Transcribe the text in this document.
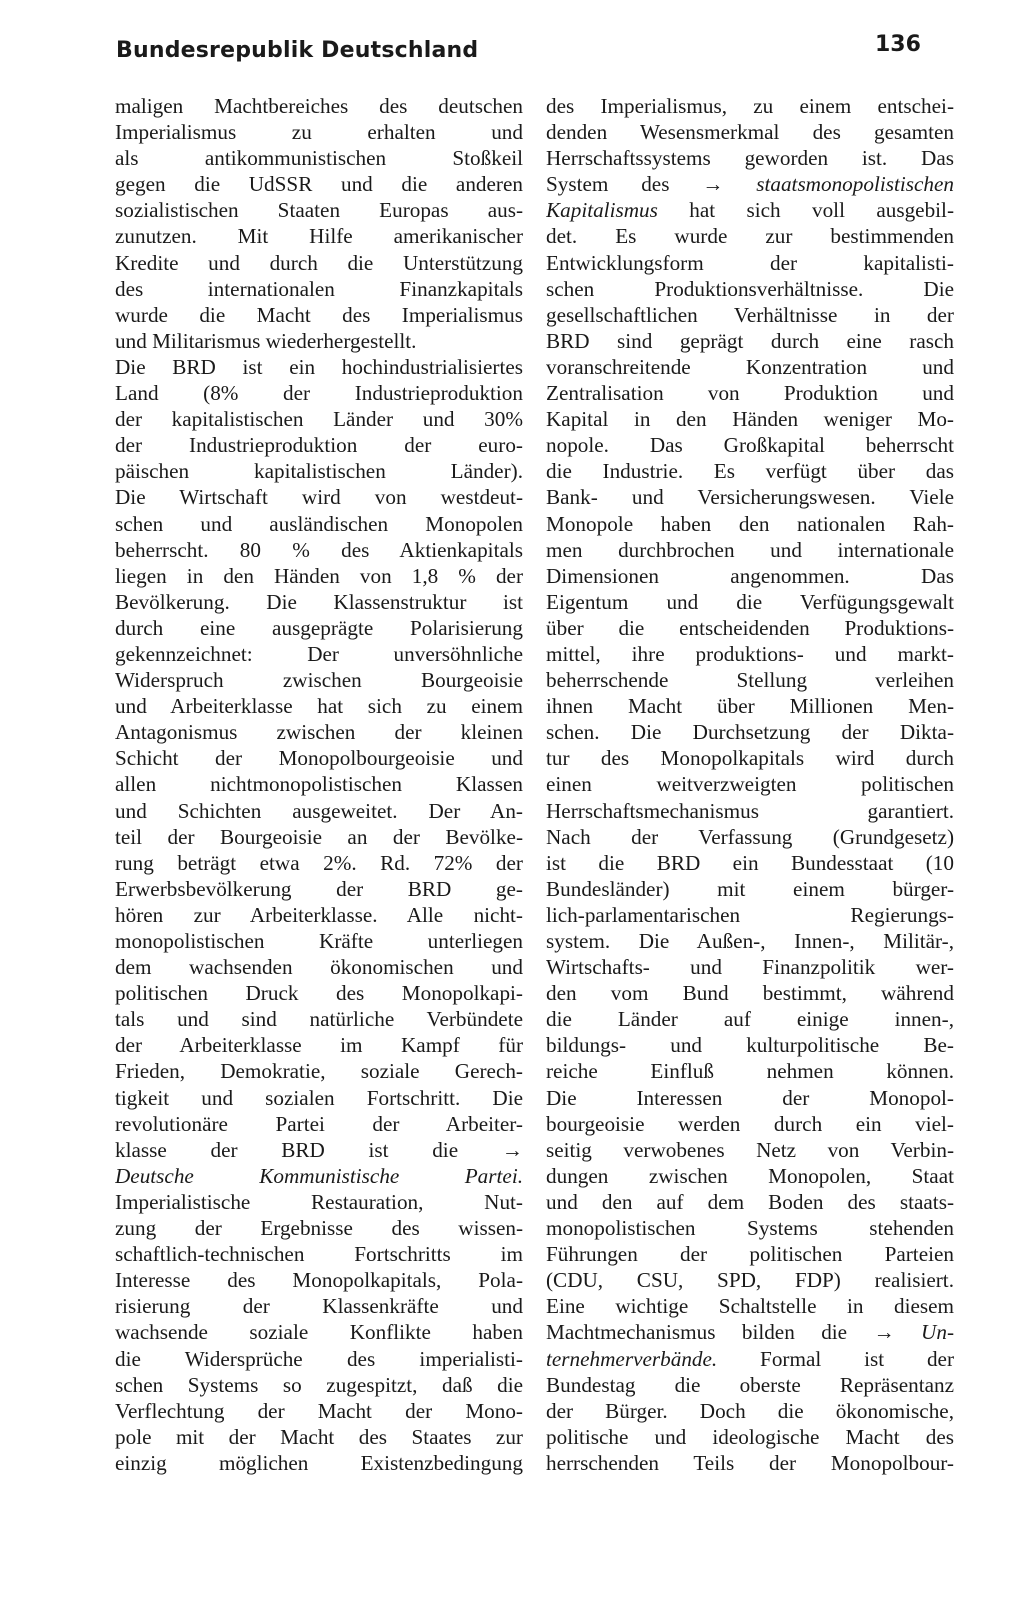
Bundesrepublik Deutschland	136
maligen Machtbereiches des deutschen
Imperialismus zu erhalten und
als antikommunistischen Stoßkeil
gegen die UdSSR und die anderen
sozialistischen Staaten Europas aus-
zunutzen. Mit Hilfe amerikanischer
Kredite und durch die Unterstützung
des internationalen Finanzkapitals
wurde die Macht des Imperialismus
und Militarismus wiederhergestellt.
Die BRD ist ein hochindustrialisiertes
Land (8% der Industrieproduktion
der kapitalistischen Länder und 30%
der Industrieproduktion der euro-
päischen kapitalistischen Länder).
Die Wirtschaft wird von westdeut-
schen und ausländischen Monopolen
beherrscht. 80 % des Aktienkapitals
liegen in den Händen von 1,8 % der
Bevölkerung. Die Klassenstruktur ist
durch eine ausgeprägte Polarisierung
gekennzeichnet: Der unversöhnliche
Widerspruch zwischen Bourgeoisie
und Arbeiterklasse hat sich zu einem
Antagonismus zwischen der kleinen
Schicht der Monopolbourgeoisie und
allen nichtmonopolistischen Klassen
und Schichten ausgeweitet. Der An-
teil der Bourgeoisie an der Bevölke-
rung beträgt etwa 2%. Rd. 72% der
Erwerbsbevölkerung der BRD ge-
hören zur Arbeiterklasse. Alle nicht-
monopolistischen Kräfte unterliegen
dem wachsenden ökonomischen und
politischen Druck des Monopolkapi-
tals und sind natürliche Verbündete
der Arbeiterklasse im Kampf für
Frieden, Demokratie, soziale Gerech-
tigkeit und sozialen Fortschritt. Die
revolutionäre Partei der Arbeiter-
klasse der BRD ist die →
Deutsche Kommunistische Partei.
Imperialistische Restauration, Nut-
zung der Ergebnisse des wissen-
schaftlich-technischen Fortschritts im
Interesse des Monopolkapitals, Pola-
risierung der Klassenkräfte und
wachsende soziale Konflikte haben
die Widersprüche des imperialisti-
schen Systems so zugespitzt, daß die
Verflechtung der Macht der Mono-
pole mit der Macht des Staates zur
einzig möglichen Existenzbedingung
des Imperialismus, zu einem entschei-
denden Wesensmerkmal des gesamten
Herrschaftssystems geworden ist. Das
System des → staatsmonopolistischen
Kapitalismus hat sich voll ausgebil-
det. Es wurde zur bestimmenden
Entwicklungsform der kapitalisti-
schen Produktionsverhältnisse. Die
gesellschaftlichen Verhältnisse in der
BRD sind geprägt durch eine rasch
voranschreitende Konzentration und
Zentralisation von Produktion und
Kapital in den Händen weniger Mo-
nopole. Das Großkapital beherrscht
die Industrie. Es verfügt über das
Bank- und Versicherungswesen. Viele
Monopole haben den nationalen Rah-
men durchbrochen und internationale
Dimensionen angenommen. Das
Eigentum und die Verfügungsgewalt
über die entscheidenden Produktions-
mittel, ihre produktions- und markt-
beherrschende Stellung verleihen
ihnen Macht über Millionen Men-
schen. Die Durchsetzung der Dikta-
tur des Monopolkapitals wird durch
einen weitverzweigten politischen
Herrschaftsmechanismus garantiert.
Nach der Verfassung (Grundgesetz)
ist die BRD ein Bundesstaat (10
Bundesländer) mit einem bürger-
lich-parlamentarischen Regierungs-
system. Die Außen-, Innen-, Militär-,
Wirtschafts- und Finanzpolitik wer-
den vom Bund bestimmt, während
die Länder auf einige innen-,
bildungs- und kulturpolitische Be-
reiche Einfluß nehmen können.
Die Interessen der Monopol-
bourgeoisie werden durch ein viel-
seitig verwobenes Netz von Verbin-
dungen zwischen Monopolen, Staat
und den auf dem Boden des staats-
monopolistischen Systems stehenden
Führungen der politischen Parteien
(CDU, CSU, SPD, FDP) realisiert.
Eine wichtige Schaltstelle in diesem
Machtmechanismus bilden die → Un-
ternehmerverbände. Formal ist der
Bundestag die oberste Repräsentanz
der Bürger. Doch die ökonomische,
politische und ideologische Macht des
herrschenden Teils der Monopolbour-
